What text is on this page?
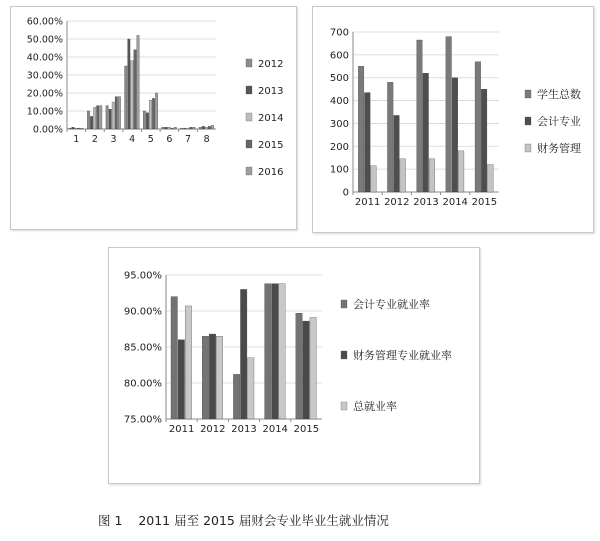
0.00%
10.00%
20.00%
30.00%
40.00%
50.00%
60.00%
1 2 3 4 5 6 7 8
2012
2013
2014
2015
2016
0
100
200
300
400
500
600
700
2011 2012 2013 2014 2015
学生总数
会计专业
财务管理
75.00%
80.00%
85.00%
90.00%
95.00%
2011 2012 2013 2014 2015
会计专业就业率
财务管理专业就业率
总就业率
图 1    2011 届至 2015 届财会专业毕业生就业情况
